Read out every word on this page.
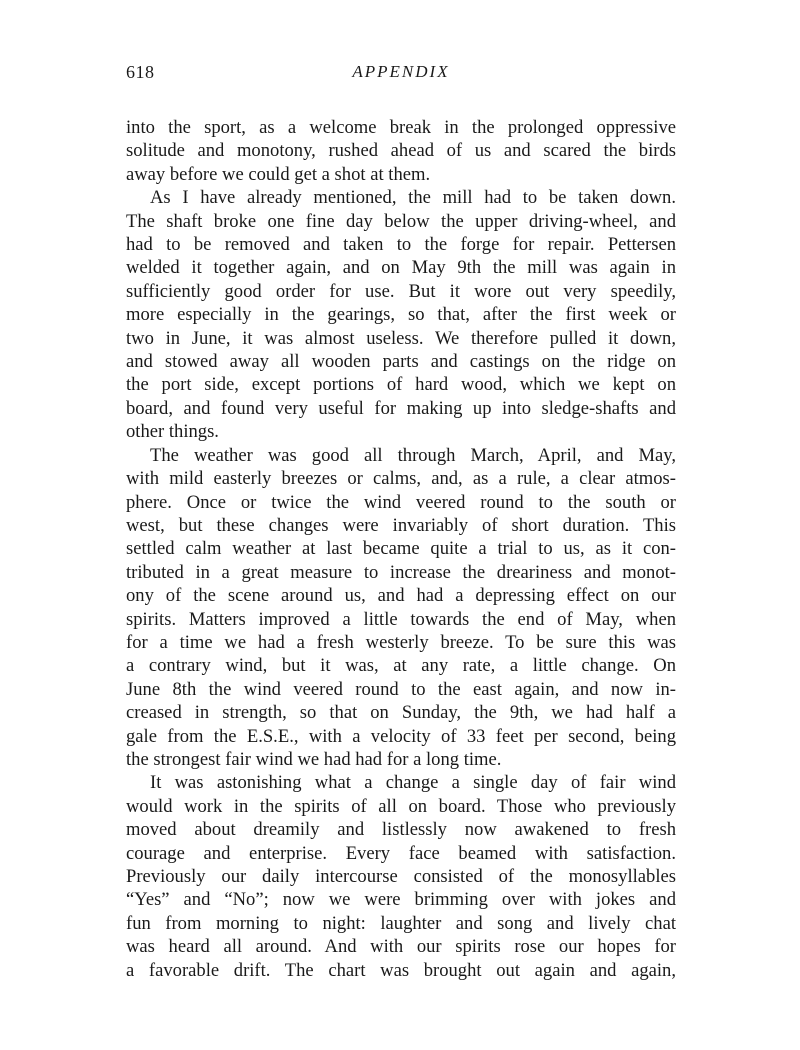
618	APPENDIX
into the sport, as a welcome break in the prolonged oppressive
solitude and monotony, rushed ahead of us and scared the birds
away before we could get a shot at them.
As I have already mentioned, the mill had to be taken down.
The shaft broke one fine day below the upper driving-wheel, and
had to be removed and taken to the forge for repair. Pettersen
welded it together again, and on May 9th the mill was again in
sufficiently good order for use. But it wore out very speedily,
more especially in the gearings, so that, after the first week or
two in June, it was almost useless. We therefore pulled it down,
and stowed away all wooden parts and castings on the ridge on
the port side, except portions of hard wood, which we kept on
board, and found very useful for making up into sledge-shafts and
other things.
The weather was good all through March, April, and May,
with mild easterly breezes or calms, and, as a rule, a clear atmos-
phere. Once or twice the wind veered round to the south or
west, but these changes were invariably of short duration. This
settled calm weather at last became quite a trial to us, as it con-
tributed in a great measure to increase the dreariness and monot-
ony of the scene around us, and had a depressing effect on our
spirits. Matters improved a little towards the end of May, when
for a time we had a fresh westerly breeze. To be sure this was
a contrary wind, but it was, at any rate, a little change. On
June 8th the wind veered round to the east again, and now in-
creased in strength, so that on Sunday, the 9th, we had half a
gale from the E.S.E., with a velocity of 33 feet per second, being
the strongest fair wind we had had for a long time.
It was astonishing what a change a single day of fair wind
would work in the spirits of all on board. Those who previously
moved about dreamily and listlessly now awakened to fresh
courage and enterprise. Every face beamed with satisfaction.
Previously our daily intercourse consisted of the monosyllables
“Yes” and “No”; now we were brimming over with jokes and
fun from morning to night: laughter and song and lively chat
was heard all around. And with our spirits rose our hopes for
a favorable drift. The chart was brought out again and again,
